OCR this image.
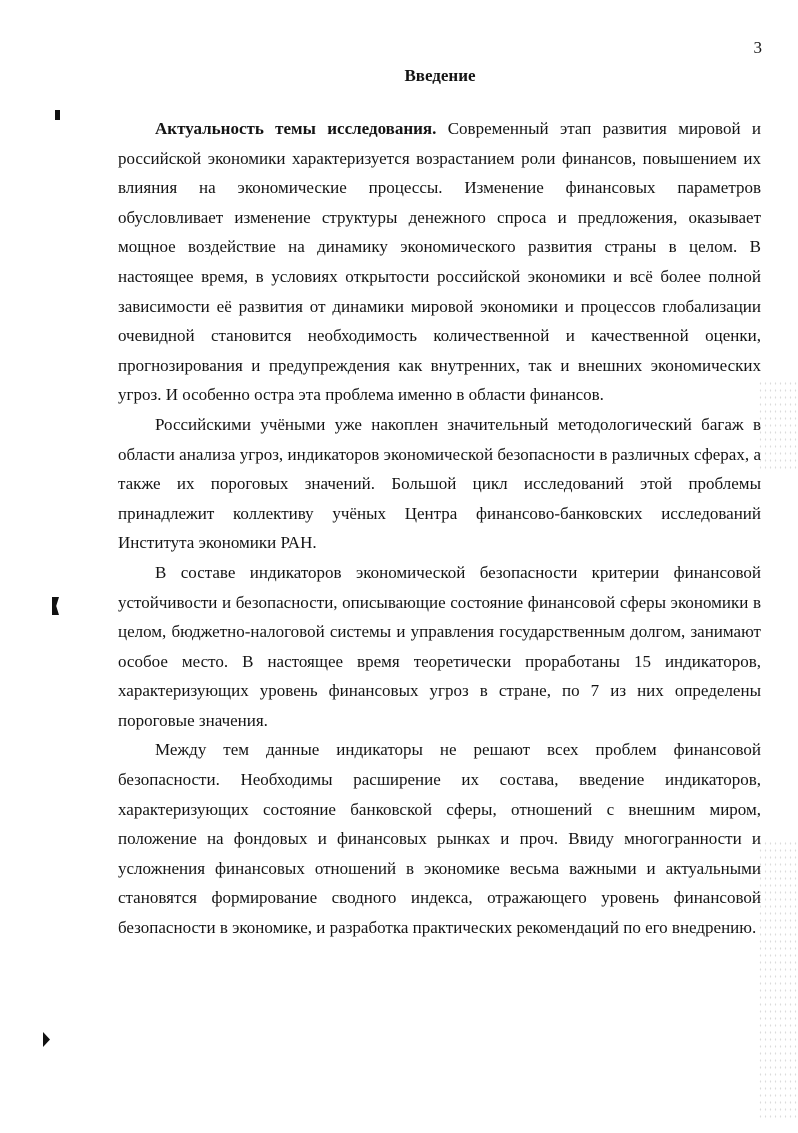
3
Введение

Актуальность темы исследования. Современный этап развития мировой и российской экономики характеризуется возрастанием роли финансов, повышением их влияния на экономические процессы. Изменение финансовых параметров обусловливает изменение структуры денежного спроса и предложения, оказывает мощное воздействие на динамику экономического развития страны в целом. В настоящее время, в условиях открытости российской экономики и всё более полной зависимости её развития от динамики мировой экономики и процессов глобализации очевидной становится необходимость количественной и качественной оценки, прогнозирования и предупреждения как внутренних, так и внешних экономических угроз. И особенно остра эта проблема именно в области финансов.

Российскими учёными уже накоплен значительный методологический багаж в области анализа угроз, индикаторов экономической безопасности в различных сферах, а также их пороговых значений. Большой цикл исследований этой проблемы принадлежит коллективу учёных Центра финансово-банковских исследований Института экономики РАН.

В составе индикаторов экономической безопасности критерии финансовой устойчивости и безопасности, описывающие состояние финансовой сферы экономики в целом, бюджетно-налоговой системы и управления государственным долгом, занимают особое место. В настоящее время теоретически проработаны 15 индикаторов, характеризующих уровень финансовых угроз в стране, по 7 из них определены пороговые значения.

Между тем данные индикаторы не решают всех проблем финансовой безопасности. Необходимы расширение их состава, введение индикаторов, характеризующих состояние банковской сферы, отношений с внешним миром, положение на фондовых и финансовых рынках и проч. Ввиду многогранности и усложнения финансовых отношений в экономике весьма важными и актуальными становятся формирование сводного индекса, отражающего уровень финансовой безопасности в экономике, и разработка практических рекомендаций по его внедрению.
